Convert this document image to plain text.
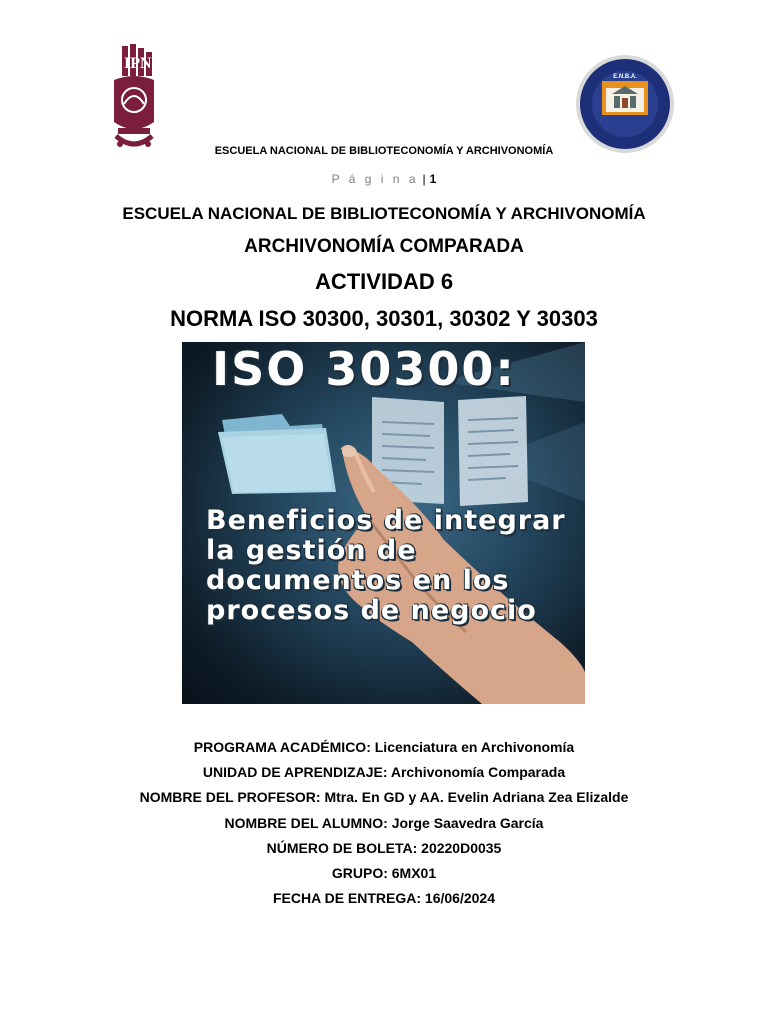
IPN
E.N.B.A.
ESCUELA NACIONAL DE BIBLIOTECONOMÍA Y ARCHIVONOMÍA
P á g i n a | 1
ESCUELA NACIONAL DE BIBLIOTECONOMÍA Y ARCHIVONOMÍA
ARCHIVONOMÍA COMPARADA
ACTIVIDAD 6
NORMA ISO 30300, 30301, 30302 Y 30303
ISO 30300:
Beneficios de integrar la gestión de documentos en los procesos de negocio
PROGRAMA ACADÉMICO: Licenciatura en Archivonomía
UNIDAD DE APRENDIZAJE: Archivonomía Comparada
NOMBRE DEL PROFESOR: Mtra. En GD y AA. Evelin Adriana Zea Elizalde
NOMBRE DEL ALUMNO: Jorge Saavedra García
NÚMERO DE BOLETA: 20220D0035
GRUPO: 6MX01
FECHA DE ENTREGA: 16/06/2024
